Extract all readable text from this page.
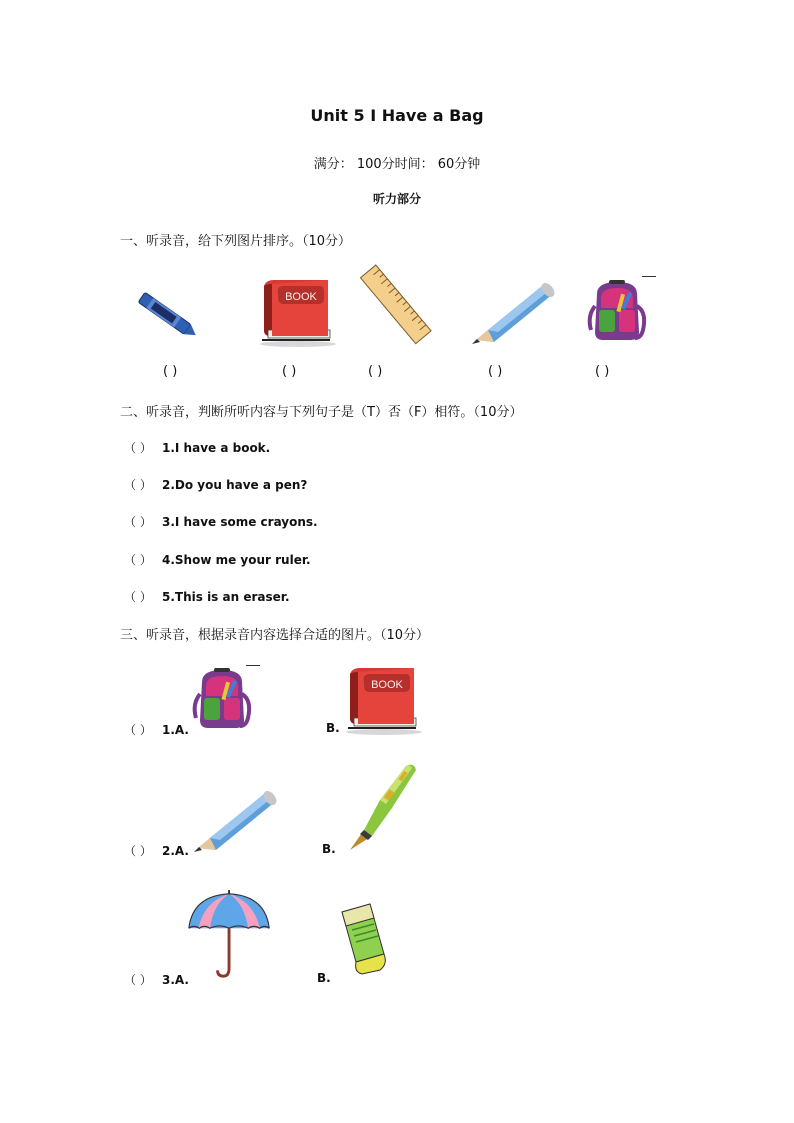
BOOK
Unit 5 I Have a Bag
满分： 100分时间： 60分钟
听力部分
一、听录音，给下列图片排序。（10分）
( )	( )	( )	( )	( )
二、听录音，判断所听内容与下列句子是（T）否（F）相符。（10分）
（ ） 1.I have a book.
（ ） 2.Do you have a pen?
（ ） 3.I have some crayons.
（ ） 4.Show me your ruler.
（ ） 5.This is an eraser.
三、听录音，根据录音内容选择合适的图片。（10分）
（ ） 1.A.	B.
（ ） 2.A.	B.
（ ） 3.A.	B.
